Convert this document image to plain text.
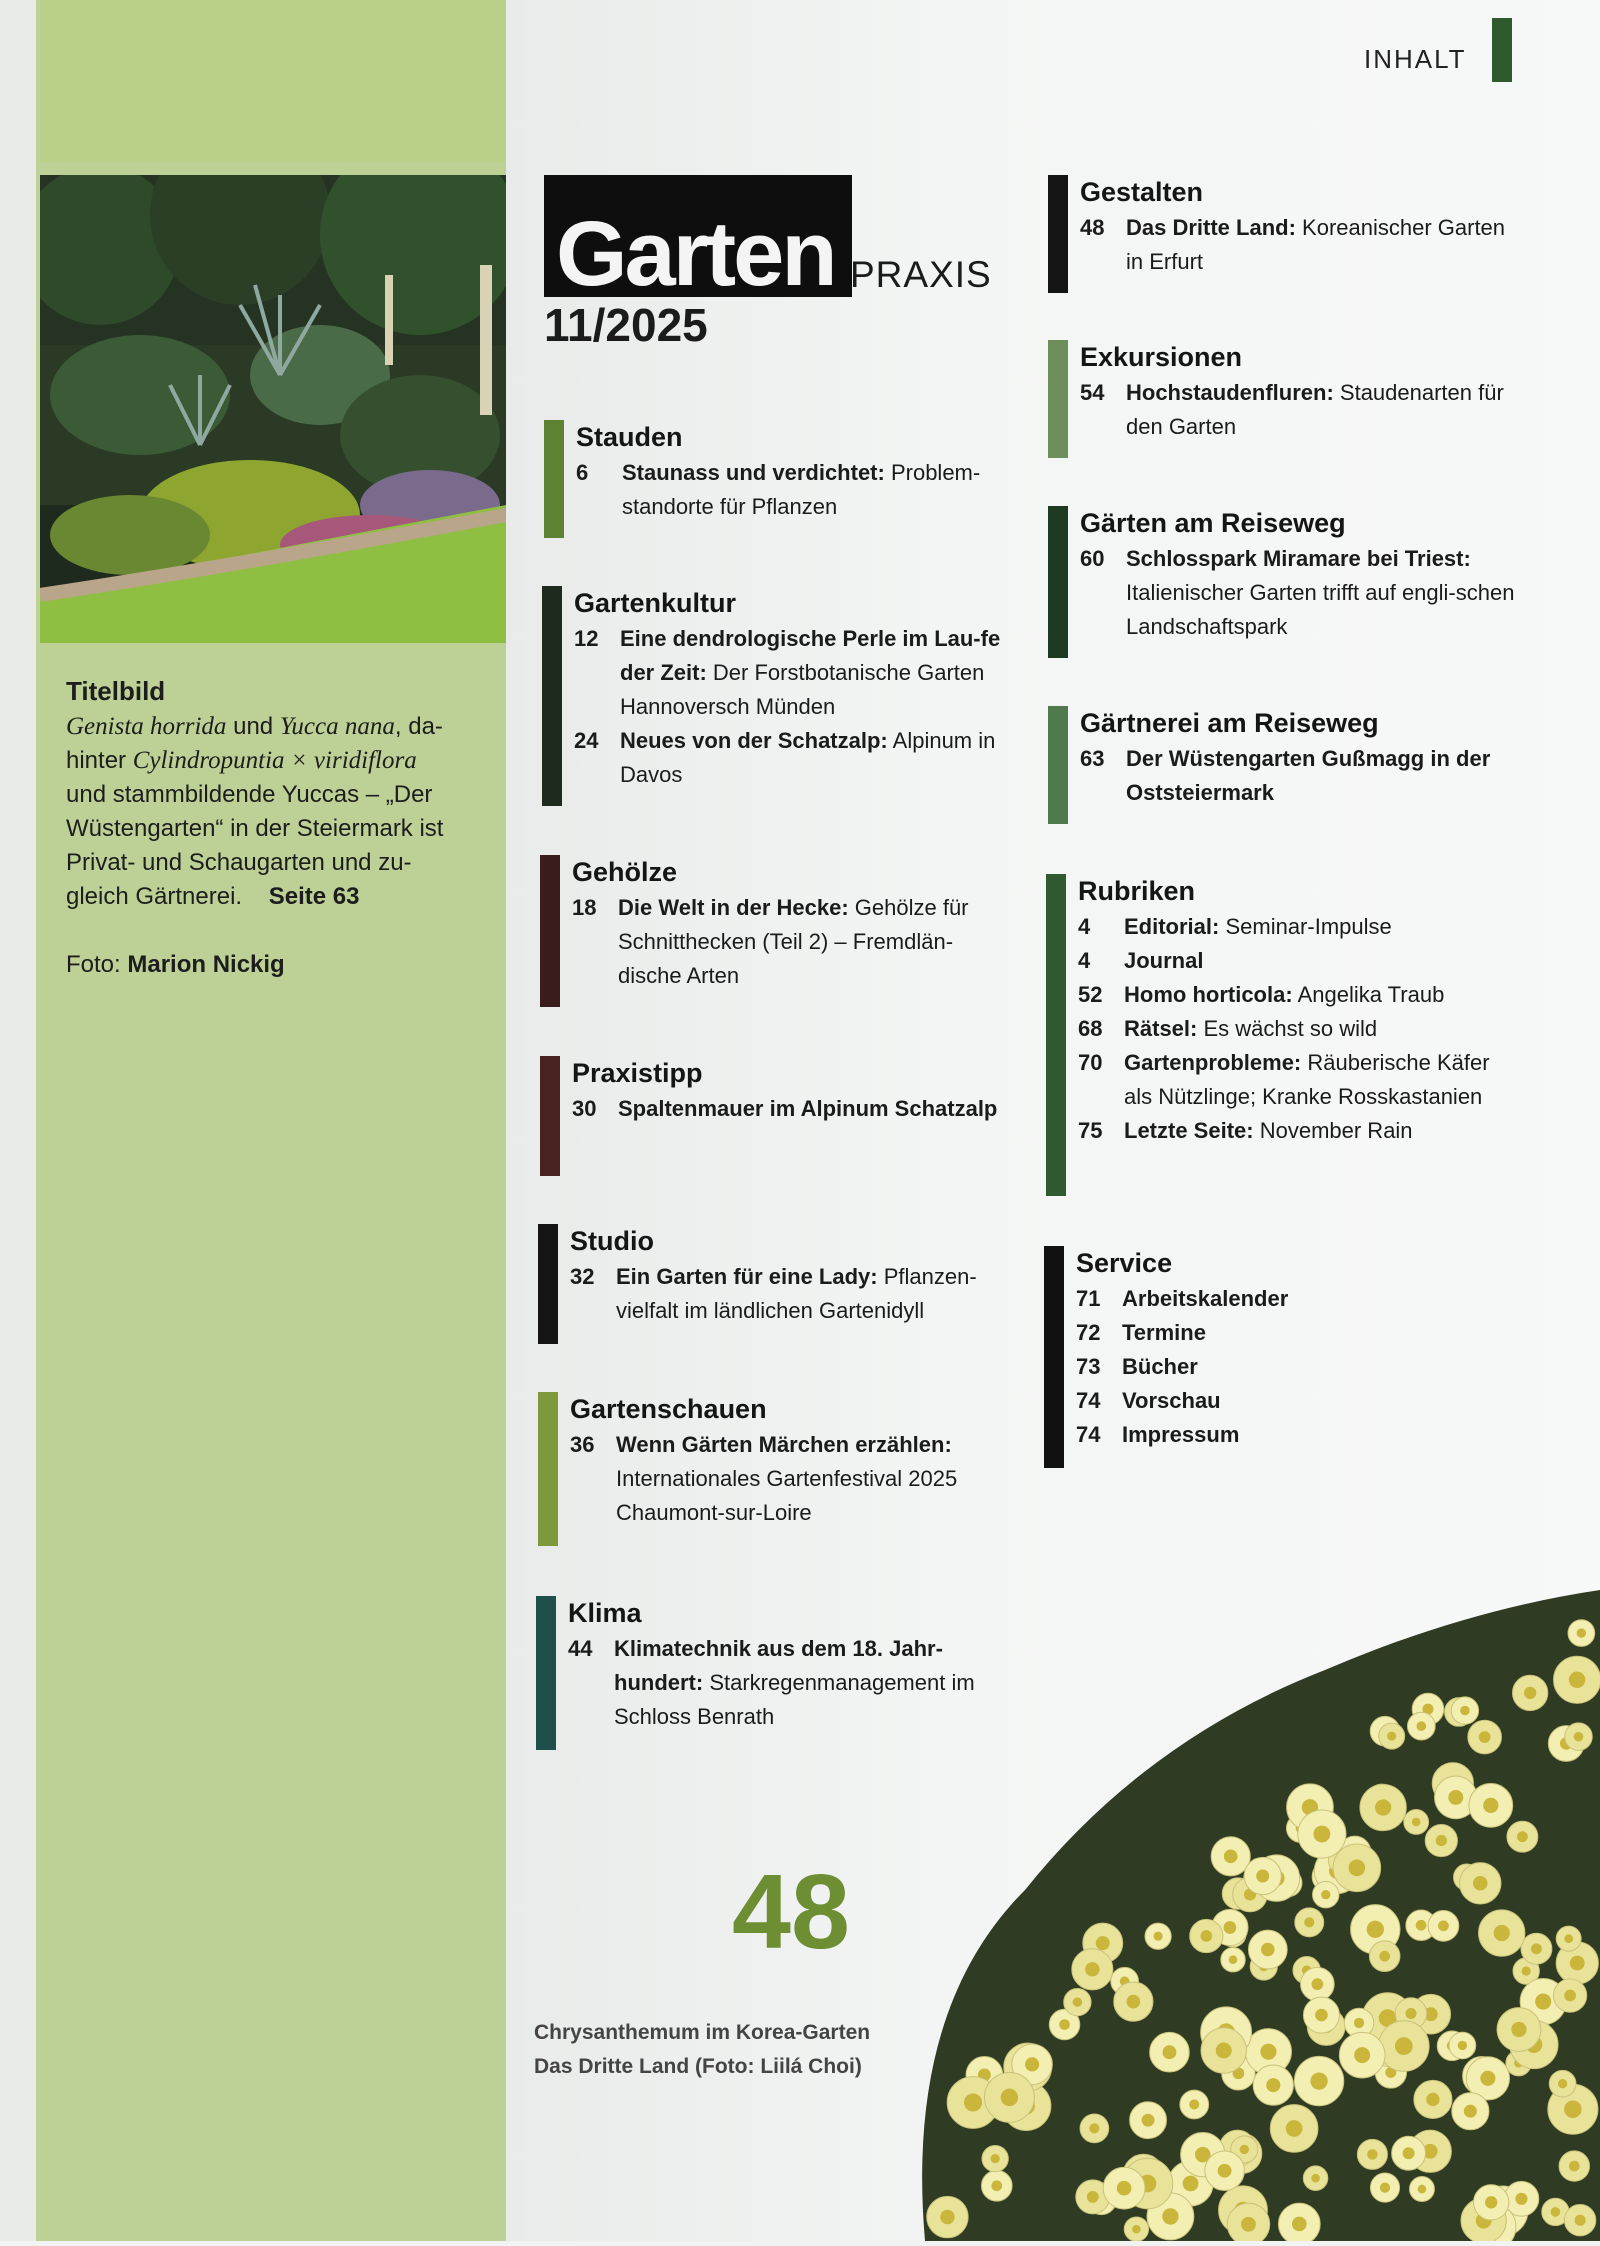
Titelbild
Genista horrida und Yucca nana, da-
hinter Cylindropuntia × viridiflora
und stammbildende Yuccas – „Der
Wüstengarten“ in der Steiermark ist
Privat- und Schaugarten und zu-
gleich Gärtnerei. Seite 63
Foto: Marion Nickig
INHALT
Garten PRAXIS
11/2025
Stauden
6	Staunass und verdichtet: Problem-standorte für Pflanzen
Gartenkultur
12 Eine dendrologische Perle im Lau-fe der Zeit: Der Forstbotanische Garten Hannoversch Münden
24 Neues von der Schatzalp: Alpinum in Davos
Gehölze
18 Die Welt in der Hecke: Gehölze für Schnitthecken (Teil 2) – Fremdlän-dische Arten
Praxistipp
30 Spaltenmauer im Alpinum Schatzalp
Studio
32 Ein Garten für eine Lady: Pflanzen-vielfalt im ländlichen Gartenidyll
Gartenschauen
36 Wenn Gärten Märchen erzählen: Internationales Gartenfestival 2025 Chaumont-sur-Loire
Klima
44 Klimatechnik aus dem 18. Jahr-hundert: Starkregenmanagement im Schloss Benrath
Gestalten
48 Das Dritte Land: Koreanischer Garten in Erfurt
Exkursionen
54 Hochstaudenfluren: Staudenarten für den Garten
Gärten am Reiseweg
60 Schlosspark Miramare bei Triest: Italienischer Garten trifft auf engli-schen Landschaftspark
Gärtnerei am Reiseweg
63 Der Wüstengarten Gußmagg in der Oststeiermark
Rubriken
4	Editorial: Seminar-Impulse
4	Journal
52 Homo horticola: Angelika Traub
68 Rätsel: Es wächst so wild
70 Gartenprobleme: Räuberische Käfer als Nützlinge; Kranke Rosskastanien
75 Letzte Seite: November Rain
Service
71 Arbeitskalender
72 Termine
73 Bücher
74 Vorschau
74 Impressum
48
Chrysanthemum im Korea-Garten
Das Dritte Land (Foto: Liilá Choi)
